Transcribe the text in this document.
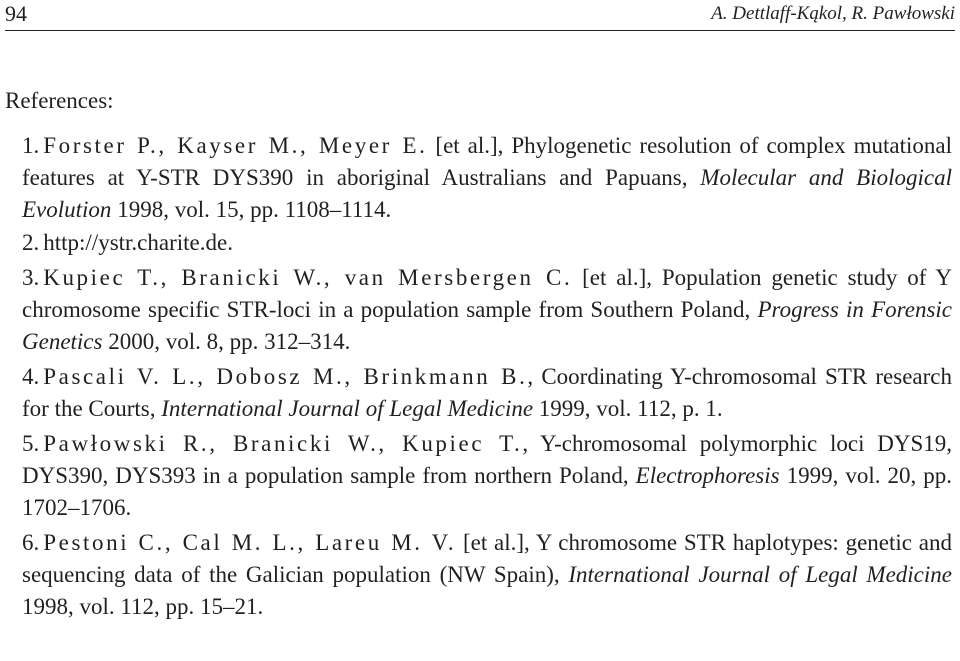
94	A. Dettlaff-Kąkol, R. Pawłowski
References:
1. Forster P., Kayser M., Meyer E. [et al.], Phylogenetic resolution of complex mutational features at Y-STR DYS390 in aboriginal Australians and Papuans, Molecular and Biological Evolution 1998, vol. 15, pp. 1108–1114.
2. http://ystr.charite.de.
3. Kupiec T., Branicki W., van Mersbergen C. [et al.], Population genetic study of Y chromosome specific STR-loci in a population sample from Southern Poland, Progress in Forensic Genetics 2000, vol. 8, pp. 312–314.
4. Pascali V. L., Dobosz M., Brinkmann B., Coordinating Y-chromosomal STR research for the Courts, International Journal of Legal Medicine 1999, vol. 112, p. 1.
5. Pawłowski R., Branicki W., Kupiec T., Y-chromosomal polymorphic loci DYS19, DYS390, DYS393 in a population sample from northern Poland, Electrophoresis 1999, vol. 20, pp. 1702–1706.
6. Pestoni C., Cal M. L., Lareu M. V. [et al.], Y chromosome STR haplotypes: genetic and sequencing data of the Galician population (NW Spain), International Journal of Legal Medicine 1998, vol. 112, pp. 15–21.
